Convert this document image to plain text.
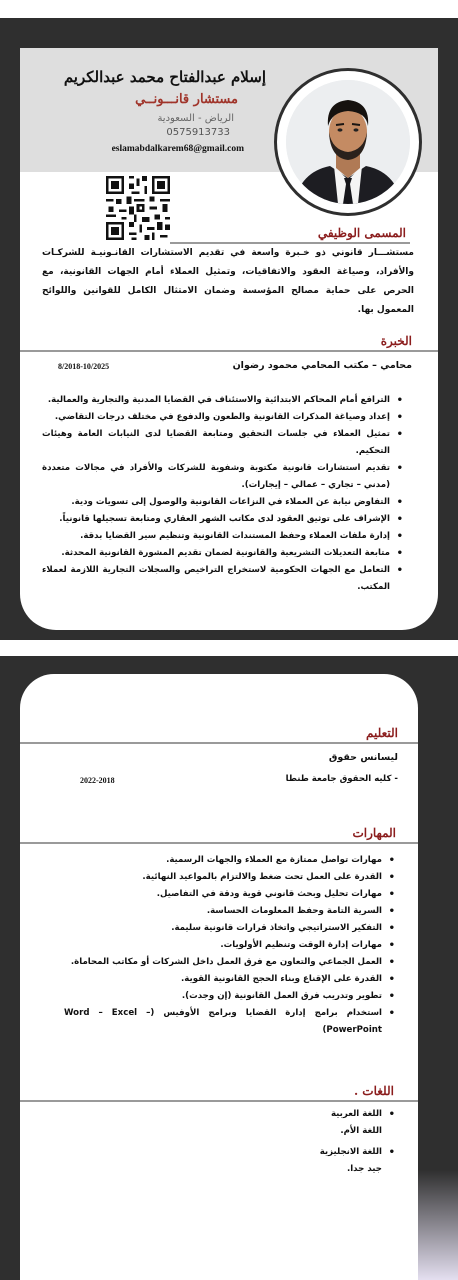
إسلام عبدالفتاح محمد عبدالكريم
مستشار قانـــونــي
الرياض - السعودية
0575913733
eslamabdalkarem68@gmail.com
المسمى الوظيفي
مستشـــار قانوني ذو خـبرة واسعة في تقديم الاستشارات القانـونيـة للشركـات والأفراد، وصياغة العقود والاتفاقيات، وتمثيل العملاء أمام الجهات القانونية، مع الحرص على حماية مصالح المؤسسة وضمان الامتثال الكامل للقوانين واللوائح المعمول بها.
الخبرة
محامي – مكتب المحامي محمود رضوان
8/2018-10/2025
• الترافع أمام المحاكم الابتدائية والاستئناف في القضايا المدنية والتجارية والعمالية.
• إعداد وصياغة المذكرات القانونية والطعون والدفوع في مختلف درجات التقاضي.
• تمثيل العملاء في جلسات التحقيق ومتابعة القضايا لدى النيابات العامة وهيئات التحكيم.
• تقديم استشارات قانونية مكتوبة وشفوية للشركات والأفراد في مجالات متعددة (مدني – تجاري – عمالي – إيجارات).
• التفاوض نيابة عن العملاء في النزاعات القانونية والوصول إلى تسويات ودية.
• الإشراف على توثيق العقود لدى مكاتب الشهر العقاري ومتابعة تسجيلها قانونياً.
• إدارة ملفات العملاء وحفظ المستندات القانونية وتنظيم سير القضايا بدقة.
• متابعة التعديلات التشريعية والقانونية لضمان تقديم المشورة القانونية المحدثة.
• التعامل مع الجهات الحكومية لاستخراج التراخيص والسجلات التجارية اللازمة لعملاء المكتب.
التعليم
ليسانس حقوق
- كليه الحقوق جامعة طنطا
2022-2018
المهارات
• مهارات تواصل ممتازة مع العملاء والجهات الرسمية.
• القدرة على العمل تحت ضغط والالتزام بالمواعيد النهائية.
• مهارات تحليل وبحث قانوني قوية ودقة في التفاصيل.
• السرية التامة وحفظ المعلومات الحساسة.
• التفكير الاستراتيجي واتخاذ قرارات قانونية سليمة.
• مهارات إدارة الوقت وتنظيم الأولويات.
• العمل الجماعي والتعاون مع فرق العمل داخل الشركات أو مكاتب المحاماة.
• القدرة على الإقناع وبناء الحجج القانونية القوية.
• تطوير وتدريب فرق العمل القانونية (إن وجدت).
• استخدام برامج إدارة القضايا وبرامج الأوفيس (Word – Excel – PowerPoint)
اللغات .
• اللغة العربية
اللغة الأم.
• اللغة الانجليزية
جيد جدا.
